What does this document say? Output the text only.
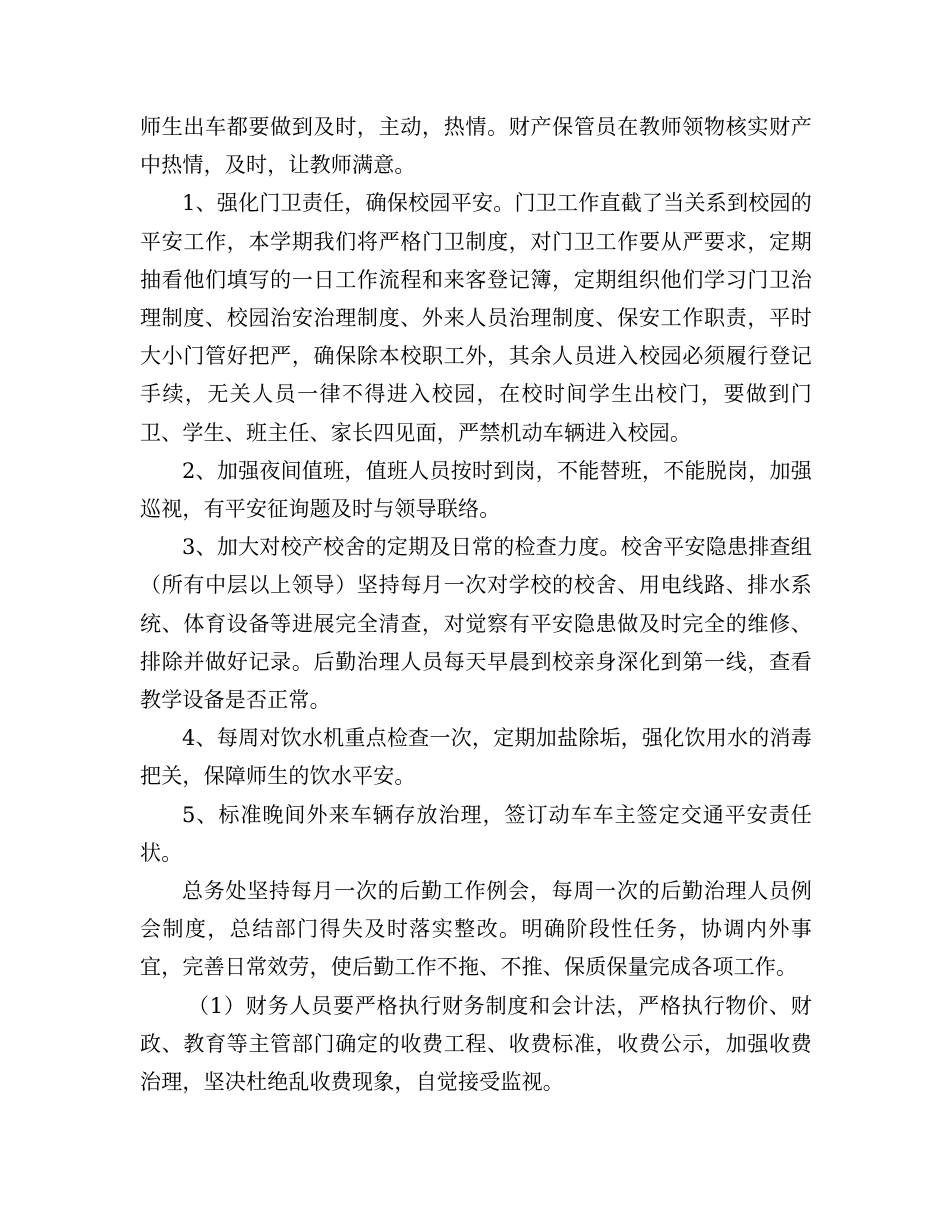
师生出车都要做到及时，主动，热情。财产保管员在教师领物核实财产中热情，及时，让教师满意。

1、强化门卫责任，确保校园平安。门卫工作直截了当关系到校园的平安工作，本学期我们将严格门卫制度，对门卫工作要从严要求，定期抽看他们填写的一日工作流程和来客登记簿，定期组织他们学习门卫治理制度、校园治安治理制度、外来人员治理制度、保安工作职责，平时大小门管好把严，确保除本校职工外，其余人员进入校园必须履行登记手续，无关人员一律不得进入校园，在校时间学生出校门，要做到门卫、学生、班主任、家长四见面，严禁机动车辆进入校园。

2、加强夜间值班，值班人员按时到岗，不能替班，不能脱岗，加强巡视，有平安征询题及时与领导联络。

3、加大对校产校舍的定期及日常的检查力度。校舍平安隐患排查组（所有中层以上领导）坚持每月一次对学校的校舍、用电线路、排水系统、体育设备等进展完全清查，对觉察有平安隐患做及时完全的维修、排除并做好记录。后勤治理人员每天早晨到校亲身深化到第一线，查看教学设备是否正常。

4、每周对饮水机重点检查一次，定期加盐除垢，强化饮用水的消毒把关，保障师生的饮水平安。

5、标准晚间外来车辆存放治理，签订动车车主签定交通平安责任状。

总务处坚持每月一次的后勤工作例会，每周一次的后勤治理人员例会制度，总结部门得失及时落实整改。明确阶段性任务，协调内外事宜，完善日常效劳，使后勤工作不拖、不推、保质保量完成各项工作。

（1）财务人员要严格执行财务制度和会计法，严格执行物价、财政、教育等主管部门确定的收费工程、收费标准，收费公示，加强收费治理，坚决杜绝乱收费现象，自觉接受监视。
